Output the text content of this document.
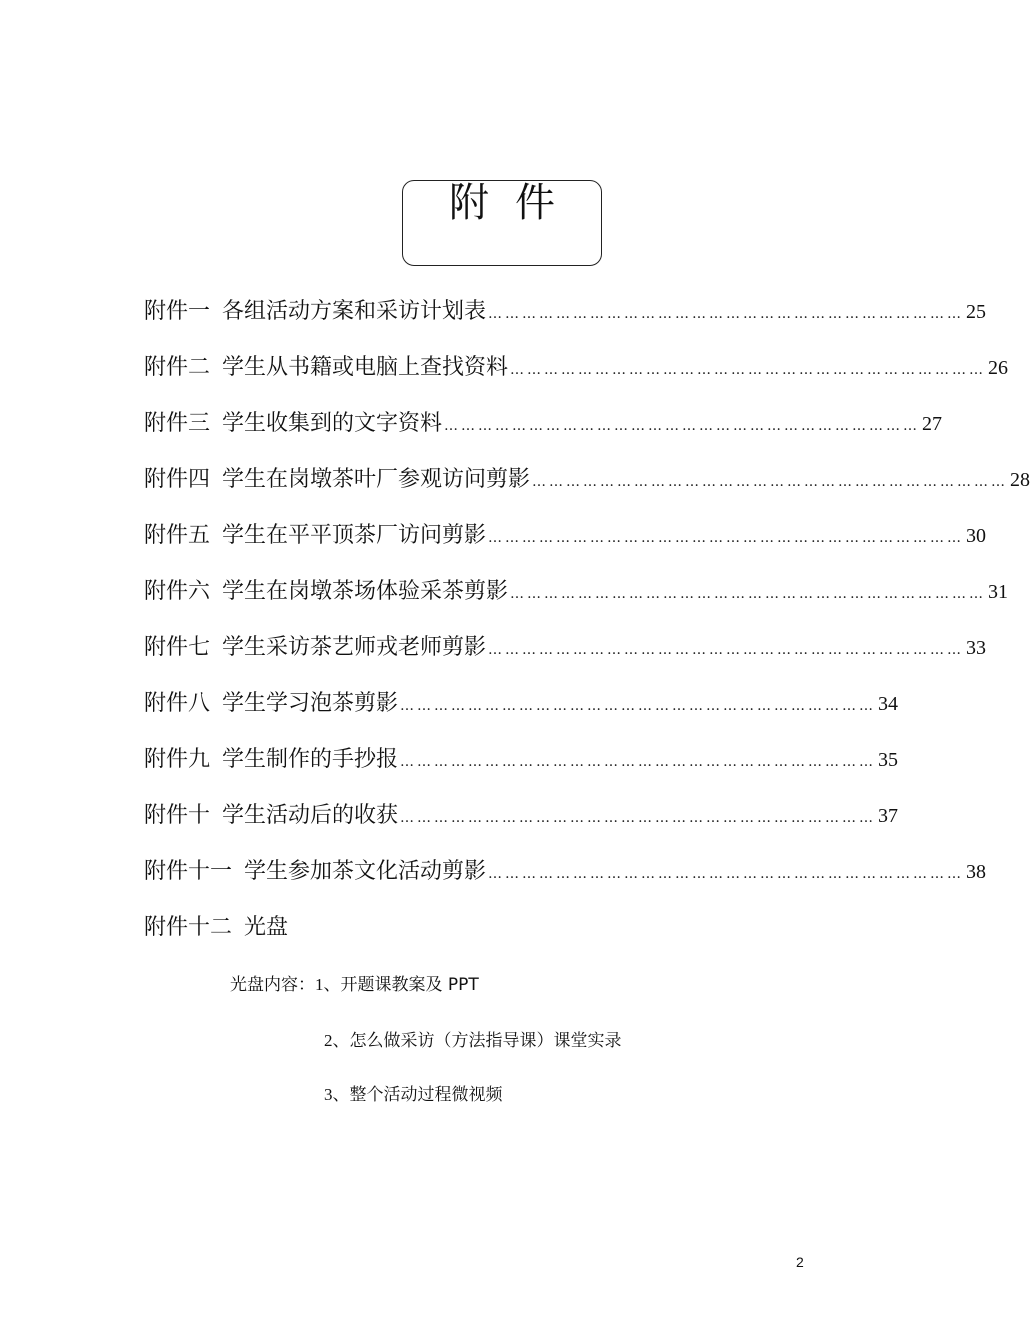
附件
附件一 各组活动方案和采访计划表 ………………………………………………………………………… 25
附件二 学生从书籍或电脑上查找资料 ………………………………………………………………………… 26
附件三 学生收集到的文字资料 ………………………………………………………………………… 27
附件四 学生在岗墩茶叶厂参观访问剪影 ………………………………………………………………………… 28
附件五 学生在平平顶茶厂访问剪影 ………………………………………………………………………… 30
附件六 学生在岗墩茶场体验采茶剪影 ………………………………………………………………………… 31
附件七 学生采访茶艺师戎老师剪影 ………………………………………………………………………… 33
附件八 学生学习泡茶剪影 ………………………………………………………………………… 34
附件九 学生制作的手抄报 ………………………………………………………………………… 35
附件十 学生活动后的收获 ………………………………………………………………………… 37
附件十一 学生参加茶文化活动剪影 ………………………………………………………………………… 38
附件十二 光盘
光盘内容：1、开题课教案及 PPT
2、怎么做采访（方法指导课）课堂实录
3、整个活动过程微视频
2
